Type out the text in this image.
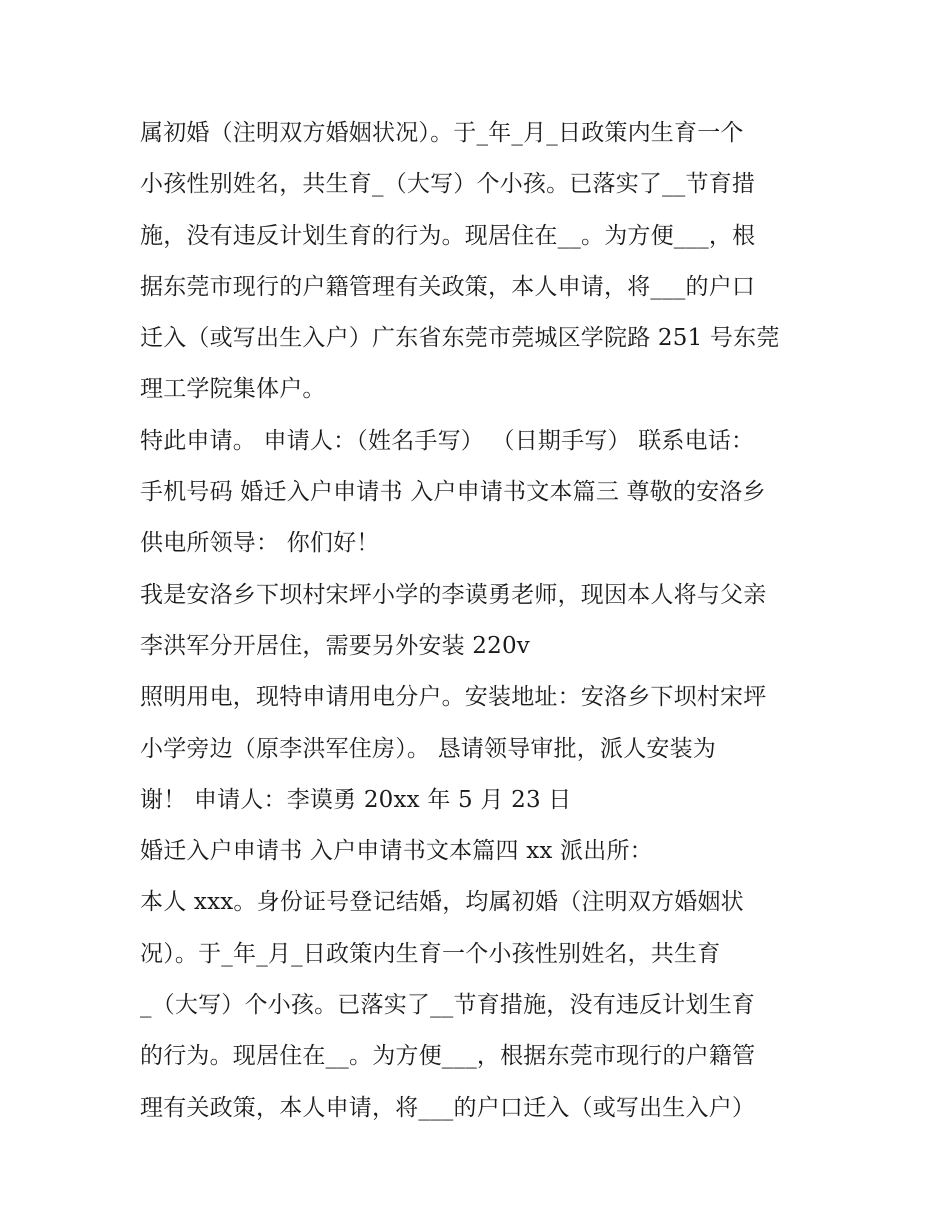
属初婚（注明双方婚姻状况）。于_年_月_日政策内生育一个
小孩性别姓名，共生育_（大写）个小孩。已落实了__节育措
施，没有违反计划生育的行为。现居住在__。为方便___，根
据东莞市现行的户籍管理有关政策，本人申请，将___的户口
迁入（或写出生入户）广东省东莞市莞城区学院路 251 号东莞
理工学院集体户。
特此申请。 申请人：（姓名手写） （日期手写） 联系电话：
手机号码 婚迁入户申请书 入户申请书文本篇三 尊敬的安洛乡
供电所领导： 你们好！
我是安洛乡下坝村宋坪小学的李谟勇老师，现因本人将与父亲
李洪军分开居住，需要另外安装 220v
照明用电，现特申请用电分户。安装地址：安洛乡下坝村宋坪
小学旁边（原李洪军住房）。 恳请领导审批，派人安装为
谢！ 申请人：李谟勇 20xx 年 5 月 23 日
婚迁入户申请书 入户申请书文本篇四 xx 派出所：
本人 xxx。身份证号登记结婚，均属初婚（注明双方婚姻状
况）。于_年_月_日政策内生育一个小孩性别姓名，共生育
_（大写）个小孩。已落实了__节育措施，没有违反计划生育
的行为。现居住在__。为方便___，根据东莞市现行的户籍管
理有关政策，本人申请，将___的户口迁入（或写出生入户）
